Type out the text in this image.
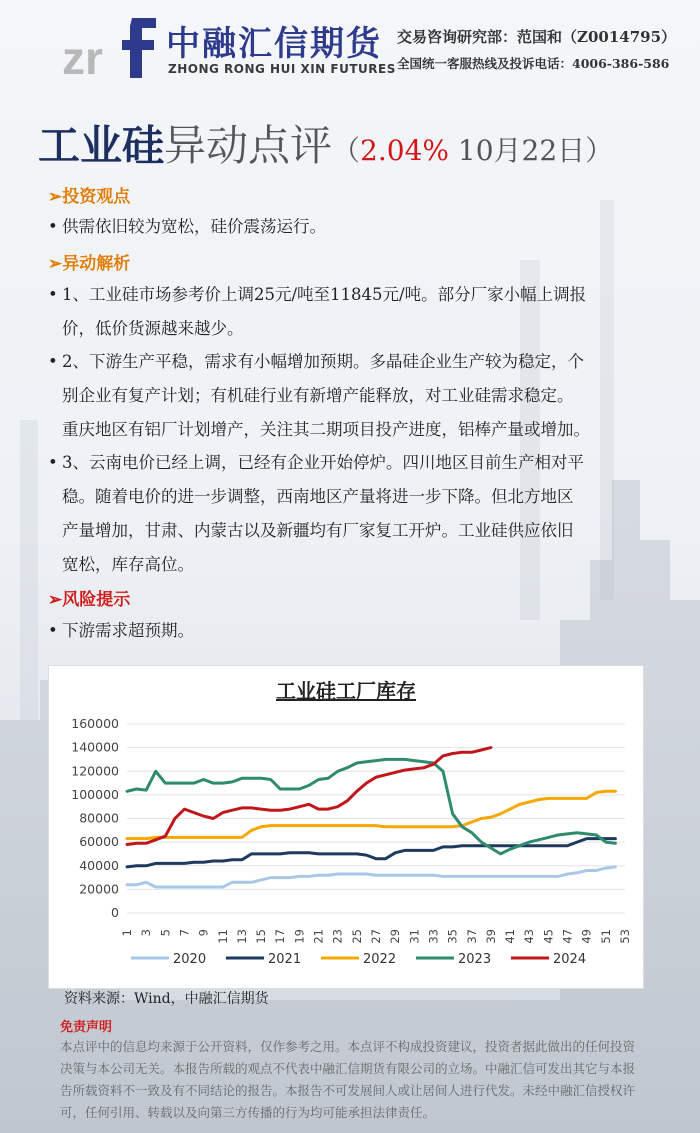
zr 中融汇信期货
ZHONG RONG HUI XIN FUTURES
交易咨询研究部：范国和（Z0014795）
全国统一客服热线及投诉电话：4006-386-586
工业硅异动点评（2.04% 10月22日）
➢投资观点
• 供需依旧较为宽松，硅价震荡运行。
➢异动解析
• 1、工业硅市场参考价上调25元/吨至11845元/吨。部分厂家小幅上调报
价，低价货源越来越少。
• 2、下游生产平稳，需求有小幅增加预期。多晶硅企业生产较为稳定，个
别企业有复产计划；有机硅行业有新增产能释放，对工业硅需求稳定。
重庆地区有铝厂计划增产，关注其二期项目投产进度，铝棒产量或增加。
• 3、云南电价已经上调，已经有企业开始停炉。四川地区目前生产相对平
稳。随着电价的进一步调整，西南地区产量将进一步下降。但北方地区
产量增加，甘肃、内蒙古以及新疆均有厂家复工开炉。工业硅供应依旧
宽松，库存高位。
➢风险提示
• 下游需求超预期。
工业硅工厂库存
0
20000
40000
60000
80000
100000
120000
140000
160000
1 3 5 7 9 11 13 15 17 19 21 23 25 27 29 31 33 35 37 39 41 43 45 47 49 51 53
2020	2021	2022	2023	2024
资料来源：Wind，中融汇信期货
免责声明
本点评中的信息均来源于公开资料，仅作参考之用。本点评不构成投资建议，投资者据此做出的任何投资决策与本公司无关。本报告所载的观点不代表中融汇信期货有限公司的立场。中融汇信可发出其它与本报告所载资料不一致及有不同结论的报告。本报告不可发展间人或让居间人进行代发。未经中融汇信授权许可，任何引用、转载以及向第三方传播的行为均可能承担法律责任。
